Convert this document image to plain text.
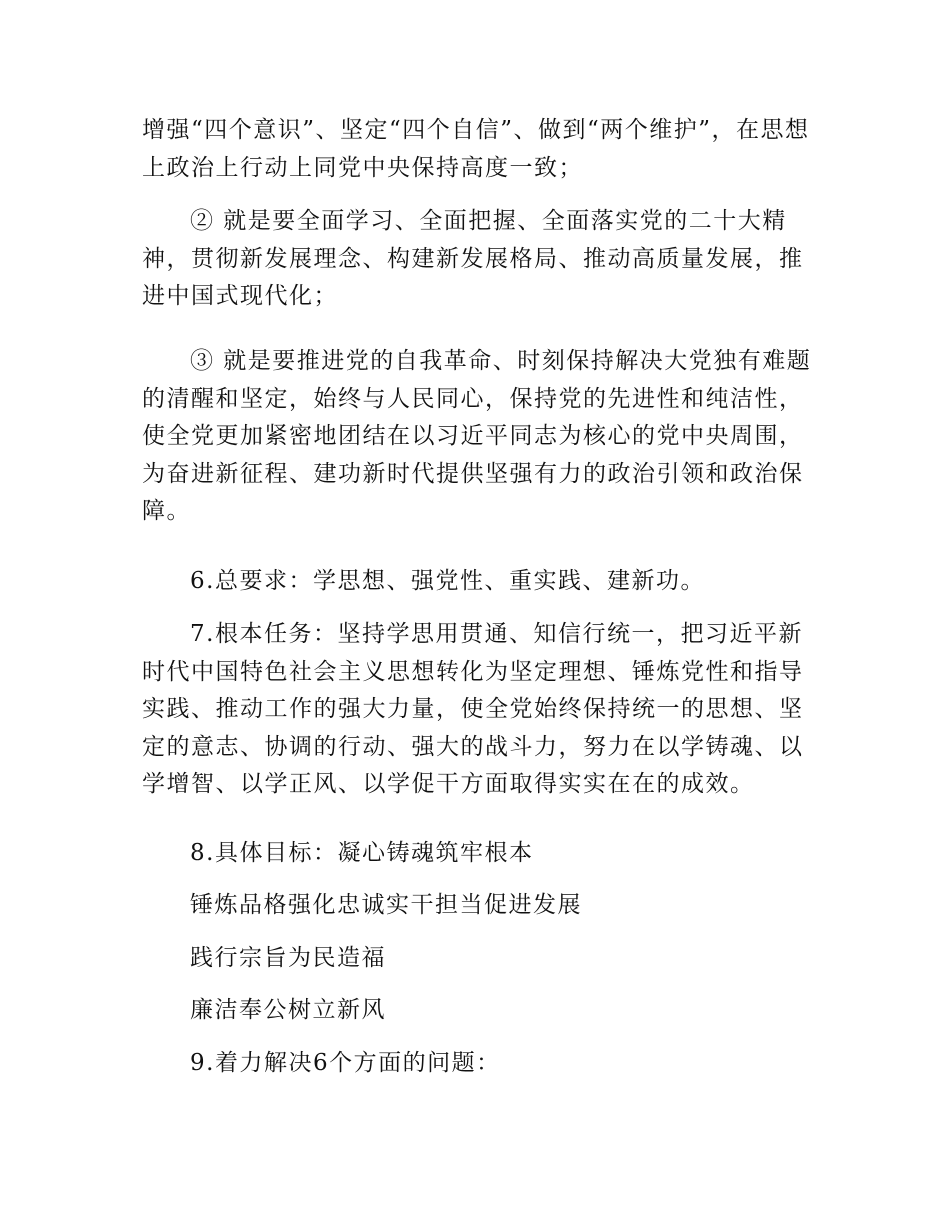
增强“四个意识”、坚定“四个自信”、做到“两个维护”，在思想上政治上行动上同党中央保持高度一致；

② 就是要全面学习、全面把握、全面落实党的二十大精神，贯彻新发展理念、构建新发展格局、推动高质量发展，推进中国式现代化；

③ 就是要推进党的自我革命、时刻保持解决大党独有难题的清醒和坚定，始终与人民同心，保持党的先进性和纯洁性，使全党更加紧密地团结在以习近平同志为核心的党中央周围，为奋进新征程、建功新时代提供坚强有力的政治引领和政治保障。

6.总要求：学思想、强党性、重实践、建新功。

7.根本任务：坚持学思用贯通、知信行统一，把习近平新时代中国特色社会主义思想转化为坚定理想、锤炼党性和指导实践、推动工作的强大力量，使全党始终保持统一的思想、坚定的意志、协调的行动、强大的战斗力，努力在以学铸魂、以学增智、以学正风、以学促干方面取得实实在在的成效。

8.具体目标：凝心铸魂筑牢根本

锤炼品格强化忠诚实干担当促进发展

践行宗旨为民造福

廉洁奉公树立新风

9.着力解决6个方面的问题：
